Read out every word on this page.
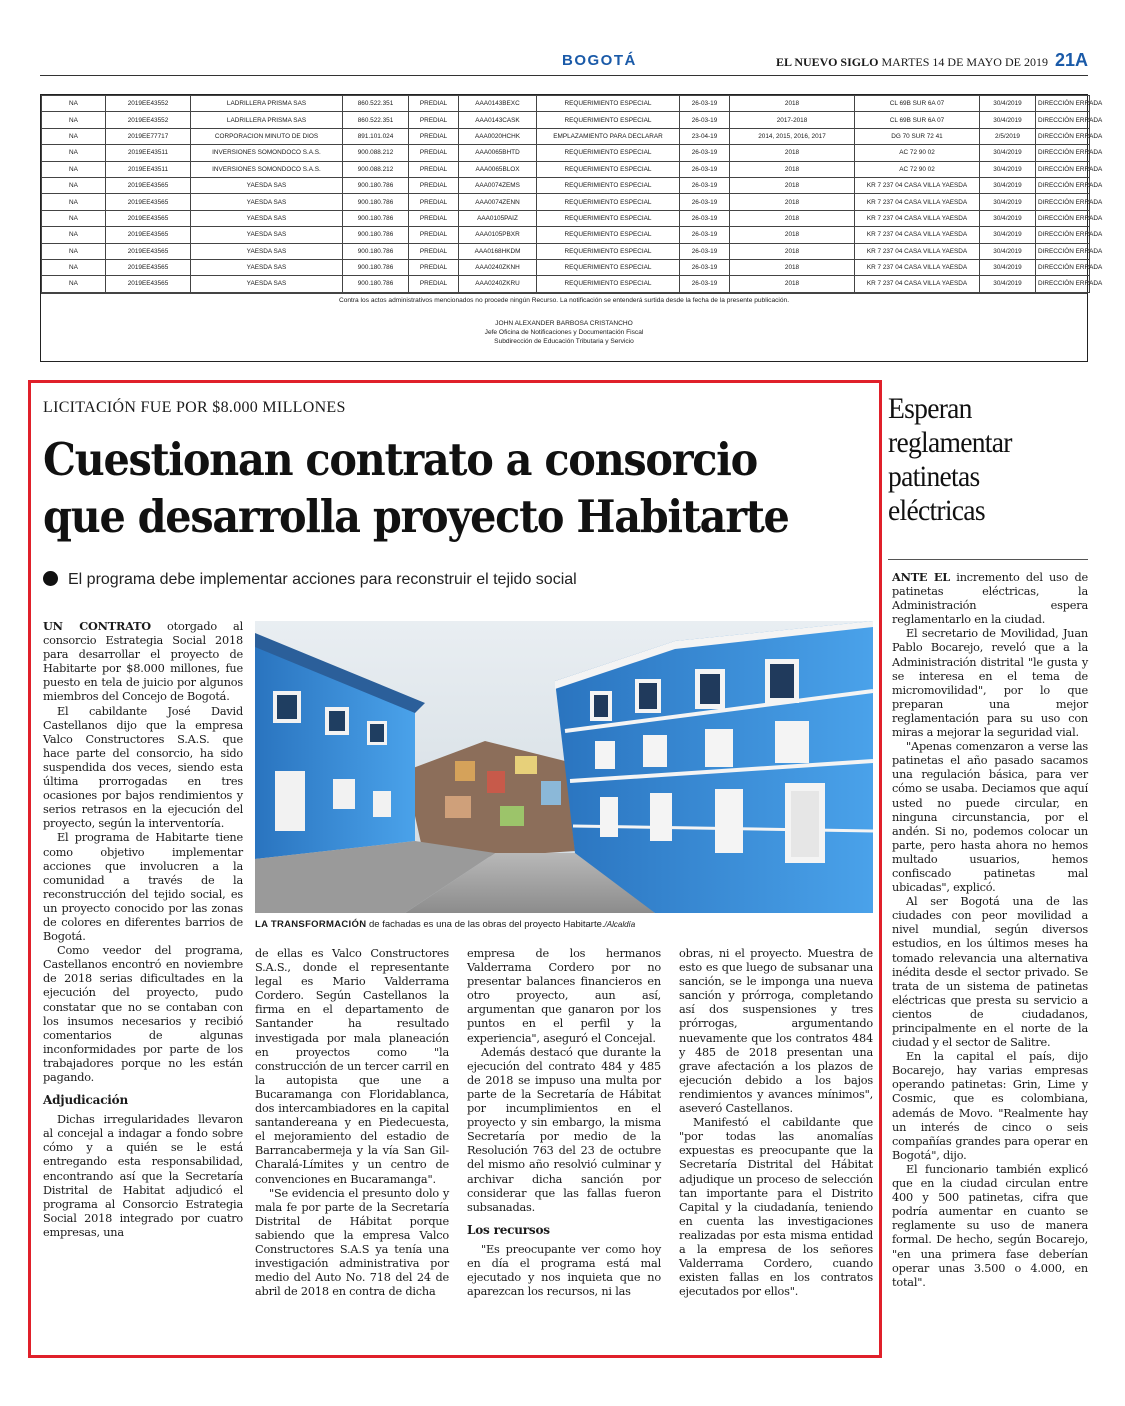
BOGOTÁ	EL NUEVO SIGLO MARTES 14 DE MAYO DE 2019 21A
NA	2019EE43552	LADRILLERA PRISMA SAS	860.522.351	PREDIAL	AAA0143BEXC	REQUERIMIENTO ESPECIAL	26-03-19	2018	CL 69B SUR 6A 07	30/4/2019	DIRECCIÓN ERRADA
NA	2019EE43552	LADRILLERA PRISMA SAS	860.522.351	PREDIAL	AAA0143CASK	REQUERIMIENTO ESPECIAL	26-03-19	2017-2018	CL 69B SUR 6A 07	30/4/2019	DIRECCIÓN ERRADA
NA	2019EE77717	CORPORACION MINUTO DE DIOS	891.101.024	PREDIAL	AAA0020HCHK	EMPLAZAMIENTO PARA DECLARAR	23-04-19	2014, 2015, 2016, 2017	DG 70 SUR 72 41	2/5/2019	DIRECCIÓN ERRADA
NA	2019EE43511	INVERSIONES SOMONDOCO S.A.S.	900.088.212	PREDIAL	AAA0065BHTD	REQUERIMIENTO ESPECIAL	26-03-19	2018	AC 72 90 02	30/4/2019	DIRECCIÓN ERRADA
NA	2019EE43511	INVERSIONES SOMONDOCO S.A.S.	900.088.212	PREDIAL	AAA0065BLOX	REQUERIMIENTO ESPECIAL	26-03-19	2018	AC 72 90 02	30/4/2019	DIRECCIÓN ERRADA
NA	2019EE43565	YAESDA SAS	900.180.786	PREDIAL	AAA0074ZEMS	REQUERIMIENTO ESPECIAL	26-03-19	2018	KR 7 237 04 CASA VILLA YAESDA	30/4/2019	DIRECCIÓN ERRADA
NA	2019EE43565	YAESDA SAS	900.180.786	PREDIAL	AAA0074ZENN	REQUERIMIENTO ESPECIAL	26-03-19	2018	KR 7 237 04 CASA VILLA YAESDA	30/4/2019	DIRECCIÓN ERRADA
NA	2019EE43565	YAESDA SAS	900.180.786	PREDIAL	AAA0105PAIZ	REQUERIMIENTO ESPECIAL	26-03-19	2018	KR 7 237 04 CASA VILLA YAESDA	30/4/2019	DIRECCIÓN ERRADA
NA	2019EE43565	YAESDA SAS	900.180.786	PREDIAL	AAA0105PBXR	REQUERIMIENTO ESPECIAL	26-03-19	2018	KR 7 237 04 CASA VILLA YAESDA	30/4/2019	DIRECCIÓN ERRADA
NA	2019EE43565	YAESDA SAS	900.180.786	PREDIAL	AAA0168HKDM	REQUERIMIENTO ESPECIAL	26-03-19	2018	KR 7 237 04 CASA VILLA YAESDA	30/4/2019	DIRECCIÓN ERRADA
NA	2019EE43565	YAESDA SAS	900.180.786	PREDIAL	AAA0240ZKNH	REQUERIMIENTO ESPECIAL	26-03-19	2018	KR 7 237 04 CASA VILLA YAESDA	30/4/2019	DIRECCIÓN ERRADA
NA	2019EE43565	YAESDA SAS	900.180.786	PREDIAL	AAA0240ZKRU	REQUERIMIENTO ESPECIAL	26-03-19	2018	KR 7 237 04 CASA VILLA YAESDA	30/4/2019	DIRECCIÓN ERRADA
Contra los actos administrativos mencionados no procede ningún Recurso. La notificación se entenderá surtida desde la fecha de la presente publicación.
JOHN ALEXANDER BARBOSA CRISTANCHO
Jefe Oficina de Notificaciones y Documentación Fiscal
Subdirección de Educación Tributaria y Servicio
LICITACIÓN FUE POR $8.000 MILLONES
Cuestionan contrato a consorcio
que desarrolla proyecto Habitarte
El programa debe implementar acciones para reconstruir el tejido social

UN CONTRATO otorgado al consorcio Estrategia Social 2018 para desarrollar el proyecto de Habitarte por $8.000 millones, fue puesto en tela de juicio por algunos miembros del Concejo de Bogotá.

El cabildante José David Castellanos dijo que la empresa Valco Constructores S.A.S. que hace parte del consorcio, ha sido suspendida dos veces, siendo esta última prorrogadas en tres ocasiones por bajos rendimientos y serios retrasos en la ejecución del proyecto, según la interventoría.

El programa de Habitarte tiene como objetivo implementar acciones que involucren a la comunidad a través de la reconstrucción del tejido social, es un proyecto conocido por las zonas de colores en diferentes barrios de Bogotá.

Como veedor del programa, Castellanos encontró en noviembre de 2018 serias dificultades en la ejecución del proyecto, pudo constatar que no se contaban con los insumos necesarios y recibió comentarios de algunas inconformidades por parte de los trabajadores porque no les están pagando.

Adjudicación

Dichas irregularidades llevaron al concejal a indagar a fondo sobre cómo y a quién se le está entregando esta responsabilidad, encontrando así que la Secretaría Distrital de Habitat adjudicó el programa al Consorcio Estrategia Social 2018 integrado por cuatro empresas, una

LA TRANSFORMACIÓN de fachadas es una de las obras del proyecto Habitarte./Alcaldía

de ellas es Valco Constructores S.A.S., donde el representante legal es Mario Valderrama Cordero. Según Castellanos la firma en el departamento de Santander ha resultado investigada por mala planeación en proyectos como "la construcción de un tercer carril en la autopista que une a Bucaramanga con Floridablanca, dos intercambiadores en la capital santandereana y en Piedecuesta, el mejoramiento del estadio de Barrancabermeja y la vía San Gil-Charalá-Límites y un centro de convenciones en Bucaramanga".

"Se evidencia el presunto dolo y mala fe por parte de la Secretaría Distrital de Hábitat porque sabiendo que la empresa Valco Constructores S.A.S ya tenía una investigación administrativa por medio del Auto No. 718 del 24 de abril de 2018 en contra de dicha

empresa de los hermanos Valderrama Cordero por no presentar balances financieros en otro proyecto, aun así, argumentan que ganaron por los puntos en el perfil y la experiencia", aseguró el Concejal.

Además destacó que durante la ejecución del contrato 484 y 485 de 2018 se impuso una multa por parte de la Secretaría de Hábitat por incumplimientos en el proyecto y sin embargo, la misma Secretaría por medio de la Resolución 763 del 23 de octubre del mismo año resolvió culminar y archivar dicha sanción por considerar que las fallas fueron subsanadas.

Los recursos

"Es preocupante ver como hoy en día el programa está mal ejecutado y nos inquieta que no aparezcan los recursos, ni las

obras, ni el proyecto. Muestra de esto es que luego de subsanar una sanción, se le imponga una nueva sanción y prórroga, completando así dos suspensiones y tres prórrogas, argumentando nuevamente que los contratos 484 y 485 de 2018 presentan una grave afectación a los plazos de ejecución debido a los bajos rendimientos y avances mínimos", aseveró Castellanos.

Manifestó el cabildante que "por todas las anomalías expuestas es preocupante que la Secretaría Distrital del Hábitat adjudique un proceso de selección tan importante para el Distrito Capital y la ciudadanía, teniendo en cuenta las investigaciones realizadas por esta misma entidad a la empresa de los señores Valderrama Cordero, cuando existen fallas en los contratos ejecutados por ellos".

Esperan
reglamentar
patinetas
eléctricas

ANTE EL incremento del uso de patinetas eléctricas, la Administración espera reglamentarlo en la ciudad.

El secretario de Movilidad, Juan Pablo Bocarejo, reveló que a la Administración distrital "le gusta y se interesa en el tema de micromovilidad", por lo que preparan una mejor reglamentación para su uso con miras a mejorar la seguridad vial.

"Apenas comenzaron a verse las patinetas el año pasado sacamos una regulación básica, para ver cómo se usaba. Deciamos que aquí usted no puede circular, en ninguna circunstancia, por el andén. Si no, podemos colocar un parte, pero hasta ahora no hemos multado usuarios, hemos confiscado patinetas mal ubicadas", explicó.

Al ser Bogotá una de las ciudades con peor movilidad a nivel mundial, según diversos estudios, en los últimos meses ha tomado relevancia una alternativa inédita desde el sector privado. Se trata de un sistema de patinetas eléctricas que presta su servicio a cientos de ciudadanos, principalmente en el norte de la ciudad y el sector de Salitre.

En la capital el país, dijo Bocarejo, hay varias empresas operando patinetas: Grin, Lime y Cosmic, que es colombiana, además de Movo. "Realmente hay un interés de cinco o seis compañías grandes para operar en Bogotá", dijo.

El funcionario también explicó que en la ciudad circulan entre 400 y 500 patinetas, cifra que podría aumentar en cuanto se reglamente su uso de manera formal. De hecho, según Bocarejo, "en una primera fase deberían operar unas 3.500 o 4.000, en total".
